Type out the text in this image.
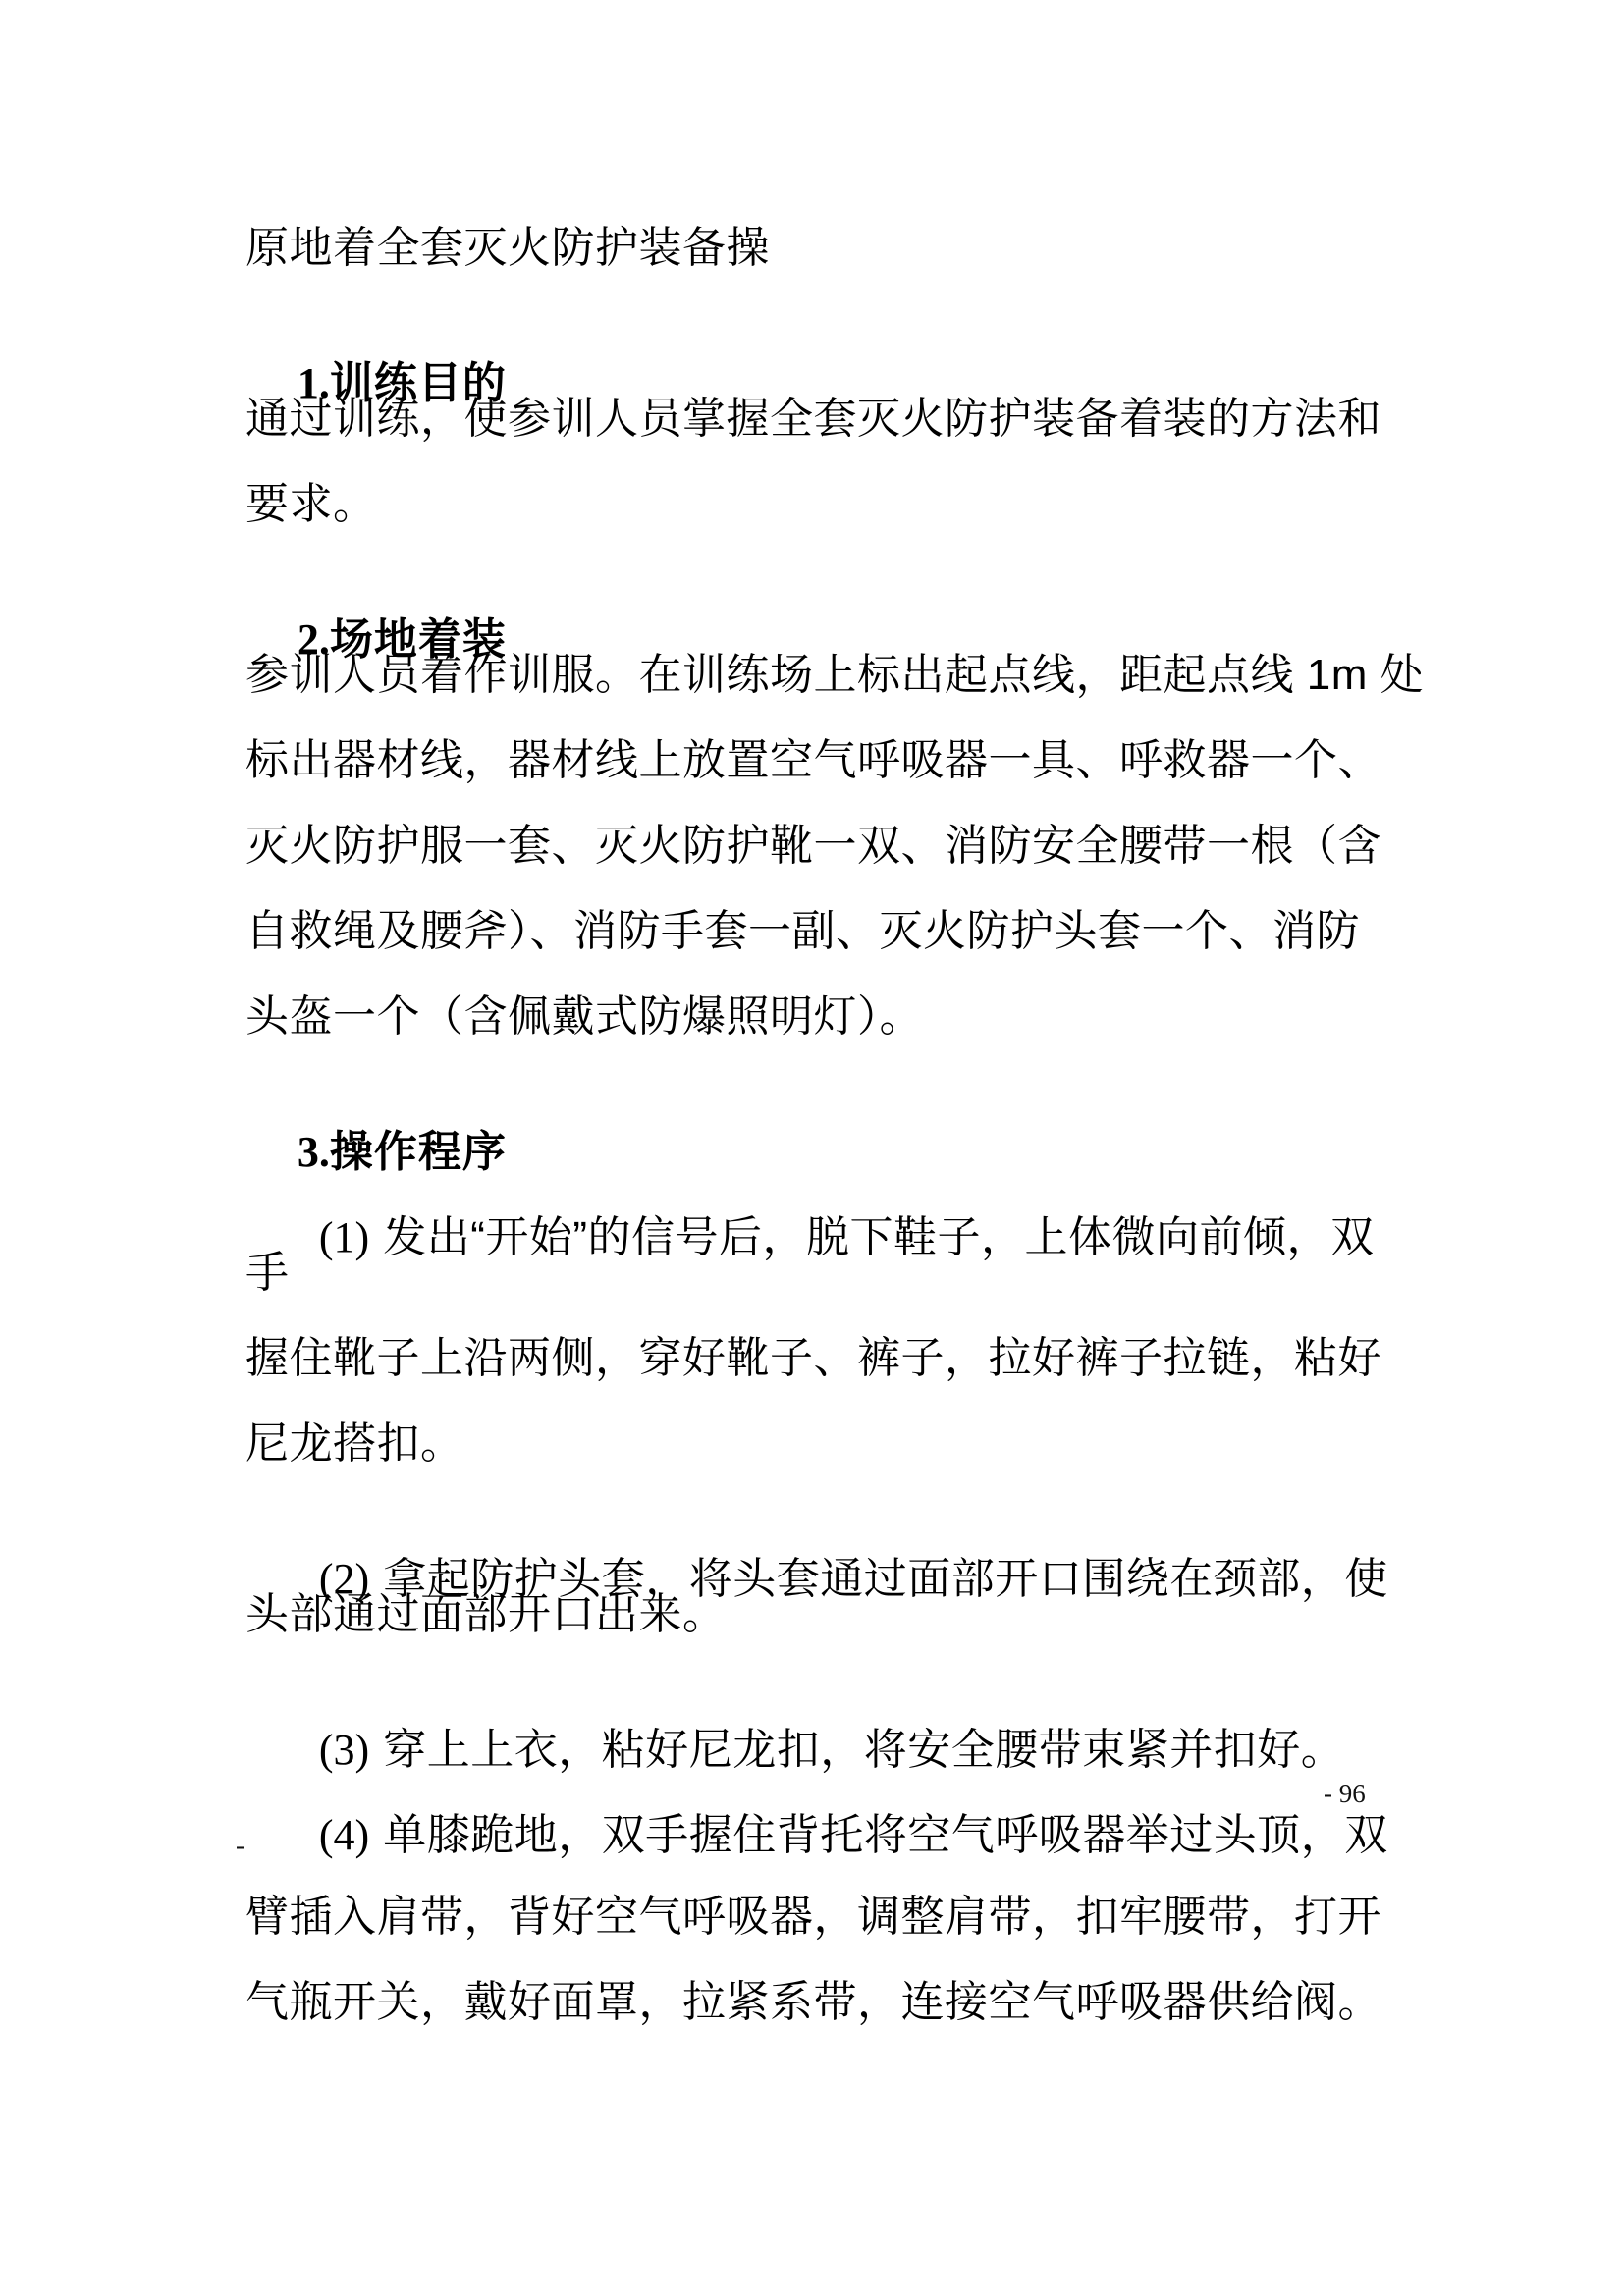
原地着全套灭火防护装备操

1.训练目的

通过训练，使参训人员掌握全套灭火防护装备着装的方法和
要求。

2.场地着装

参训人员着作训服。在训练场上标出起点线，距起点线 1m 处
标出器材线，器材线上放置空气呼吸器一具、呼救器一个、
灭火防护服一套、灭火防护靴一双、消防安全腰带一根（含
自救绳及腰斧）、消防手套一副、灭火防护头套一个、消防
头盔一个（含佩戴式防爆照明灯）。

3.操作程序

(1) 发出“开始”的信号后，脱下鞋子，上体微向前倾，双

手
握住靴子上沿两侧，穿好靴子、裤子，拉好裤子拉链，粘好
尼龙搭扣。

(2) 拿起防护头套，将头套通过面部开口围绕在颈部，使

头部通过面部开口出来。

(3) 穿上上衣，粘好尼龙扣，将安全腰带束紧并扣好。

(4) 单膝跪地，双手握住背托将空气呼吸器举过头顶，双

- 96
-
臂插入肩带，背好空气呼吸器，调整肩带，扣牢腰带，打开
气瓶开关，戴好面罩，拉紧系带，连接空气呼吸器供给阀。
